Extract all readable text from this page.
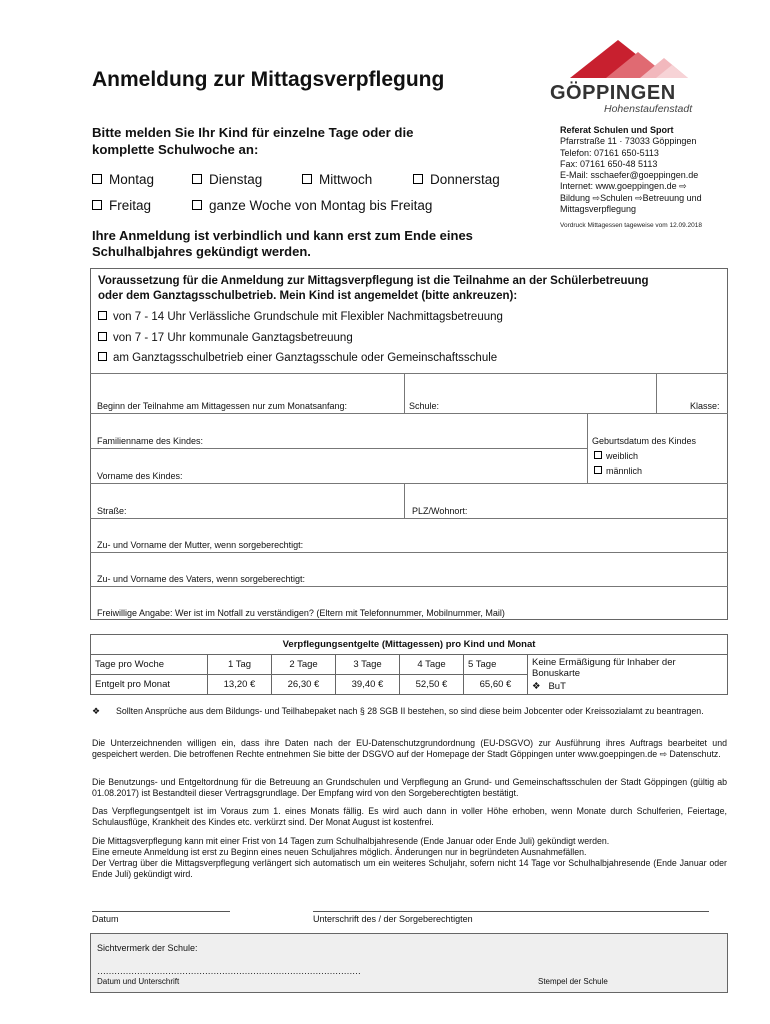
Anmeldung zur Mittagsverpflegung
Bitte melden Sie Ihr Kind für einzelne Tage oder die
komplette Schulwoche an:
Montag	Dienstag	Mittwoch	Donnerstag
Freitag	ganze Woche von Montag bis Freitag
Ihre Anmeldung ist verbindlich und kann erst zum Ende eines
Schulhalbjahres gekündigt werden.
GÖPPINGEN
Hohenstaufenstadt
Referat Schulen und Sport
Pfarrstraße 11 · 73033 Göppingen
Telefon: 07161 650-5113
Fax: 07161 650-48 5113
E-Mail: sschaefer@goeppingen.de
Internet: www.goeppingen.de ⇨
Bildung ⇨Schulen ⇨Betreuung und
Mittagsverpflegung
Vordruck Mittagessen tageweise vom 12.09.2018
Voraussetzung für die Anmeldung zur Mittagsverpflegung ist die Teilnahme an der Schülerbetreuung
oder dem Ganztagsschulbetrieb. Mein Kind ist angemeldet (bitte ankreuzen):
von 7 - 14 Uhr Verlässliche Grundschule mit Flexibler Nachmittagsbetreuung
von 7 - 17 Uhr kommunale Ganztagsbetreuung
am Ganztagsschulbetrieb einer Ganztagsschule oder Gemeinschaftsschule
Beginn der Teilnahme am Mittagessen nur zum Monatsanfang:	Schule:	Klasse:
Familienname des Kindes:	Geburtsdatum des Kindes
weiblich
männlich
Vorname des Kindes:
Straße:	PLZ/Wohnort:
Zu- und Vorname der Mutter, wenn sorgeberechtigt:
Zu- und Vorname des Vaters, wenn sorgeberechtigt:
Freiwillige Angabe: Wer ist im Notfall zu verständigen? (Eltern mit Telefonnummer, Mobilnummer, Mail)
Verpflegungsentgelte (Mittagessen) pro Kind und Monat						
Tage pro Woche	1 Tag	2 Tage	3 Tage	4 Tage	5 Tage	Keine Ermäßigung für Inhaber der Bonuskarte
❖ BuT

Entgelt pro Monat	13,20 €	26,30 €	39,40 €	52,50 €	65,60 €	
❖	Sollten Ansprüche aus dem Bildungs- und Teilhabepaket nach § 28 SGB II bestehen, so sind diese beim Jobcenter oder Kreissozialamt zu beantragen.
Die Unterzeichnenden willigen ein, dass ihre Daten nach der EU-Datenschutzgrundordnung (EU-DSGVO) zur Ausführung ihres Auftrags bearbeitet und gespeichert werden. Die betroffenen Rechte entnehmen Sie bitte der DSGVO auf der Homepage der Stadt Göppingen unter www.goeppingen.de ⇨ Datenschutz.
Die Benutzungs- und Entgeltordnung für die Betreuung an Grundschulen und Verpflegung an Grund- und Gemeinschaftsschulen der Stadt Göppingen (gültig ab 01.08.2017) ist Bestandteil dieser Vertragsgrundlage. Der Empfang wird von den Sorgeberechtigten bestätigt.
Das Verpflegungsentgelt ist im Voraus zum 1. eines Monats fällig. Es wird auch dann in voller Höhe erhoben, wenn Monate durch Schulferien, Feiertage, Schulausflüge, Krankheit des Kindes etc. verkürzt sind. Der Monat August ist kostenfrei.
Die Mittagsverpflegung kann mit einer Frist von 14 Tagen zum Schulhalbjahresende (Ende Januar oder Ende Juli) gekündigt werden.
Eine erneute Anmeldung ist erst zu Beginn eines neuen Schuljahres möglich. Änderungen nur in begründeten Ausnahmefällen.
Der Vertrag über die Mittagsverpflegung verlängert sich automatisch um ein weiteres Schuljahr, sofern nicht 14 Tage vor Schulhalbjahresende (Ende Januar oder Ende Juli) gekündigt wird.
Datum	Unterschrift des / der Sorgeberechtigten
Sichtvermerk der Schule:
…………………………………………………………………………………
Datum und Unterschrift	Stempel der Schule
